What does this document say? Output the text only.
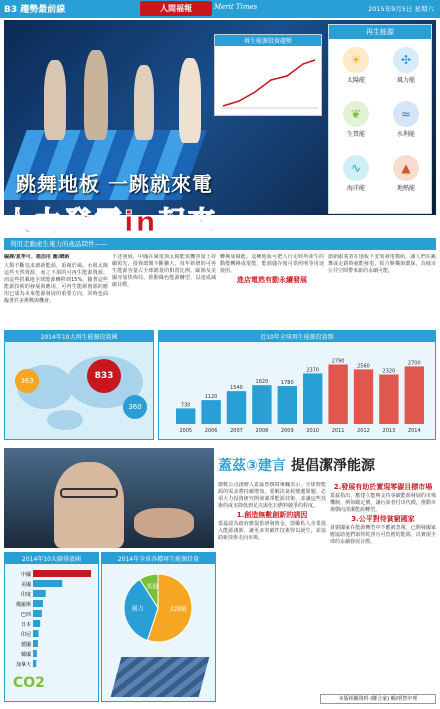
B3 趨勢最前線	人間福報	Merit Times	2015年9月5日 星期六
再生能源投資趨勢
跳舞地板 一跳就來電
再生能源
☀
太陽能
✣
風力能
❦
生質能
≈
水利能
∿
海洋能
▲
地熱能
人力發電in起來
利用走動產生電力的產品問世——
編譯/夏季可、趙加用 圖/網路
人類不斷追求創新能源，重複於風、水與太陽這些天然資源，而之不堪的可再生能源資源。而這些搭載地全球能源轉移到15%，隨著這些能源技術的發展與應用，可再生能源資源的應用已成為未來能源發展的重要方向，同時也面臨著許多挑戰與機會。
下述發展，中國在風電與太陽能裝機容量上持續領先，投資總額不斷擴大，每年新增的可再生能源容量占全球總量的相當比例。歐洲及美國亦加快佈局，推動綠色能源轉型，以達成減碳目標。
轉換成綠能。這種地板可把人行走時所產生的動能轉換成電能，能源儲存後可供照明等用途使用。
進店電然有動永續發展
創新跟業者在地板下安裝發電模組，讓人們在跳舞或走路時就能發電，結合娛樂與環保，為城市公共空間帶來新的永續可能。
2014年10大再生能源投資國
833
363
360
近10年全球再生能源投資額
730
2005
1120
2006
1540
2007
1820
2008
1780
2009
2370
2010
2790
2011
2560
2012
2320
2013
2700
2014
蓋茲③建言 提倡潔淨能源
微軟公司創辦人蓋茲曾撰寫專欄表示，全球對能源的需求將持續增加，要解決氣候變遷問題，必須大力投資研究開發潔淨能源技術，並讓這些技術的成本降低到足以與化石燃料競爭的程度。
1.創造無數創新的誘因
蓋茲認為政府應提供研發資金，鼓勵私人企業投入能源創新，讓更多突破性技術得以誕生，並協助新技術走向市場。
2.發展有助於實現零碳目標市場
蓋茲指出，應建立能夠支持零碳能源發展的市場機制，例如碳定價，讓污染者付出代價，推動市場朝向清潔能源轉型。
3.公平對待貧窮國家
貧窮國家在能源轉型中不應被忽視，已開發國家應協助他們取得乾淨且可負擔的能源，以實現全球的永續發展目標。
2014年10大碳排放國
中國
美國
印度
俄羅斯
巴西
日本
印尼
德國
韓國
加拿大
CO2
2014年全球各種再生能源投資
太陽能
風力
其他
本版相關資料 (聯合家) 輯/明智中理
